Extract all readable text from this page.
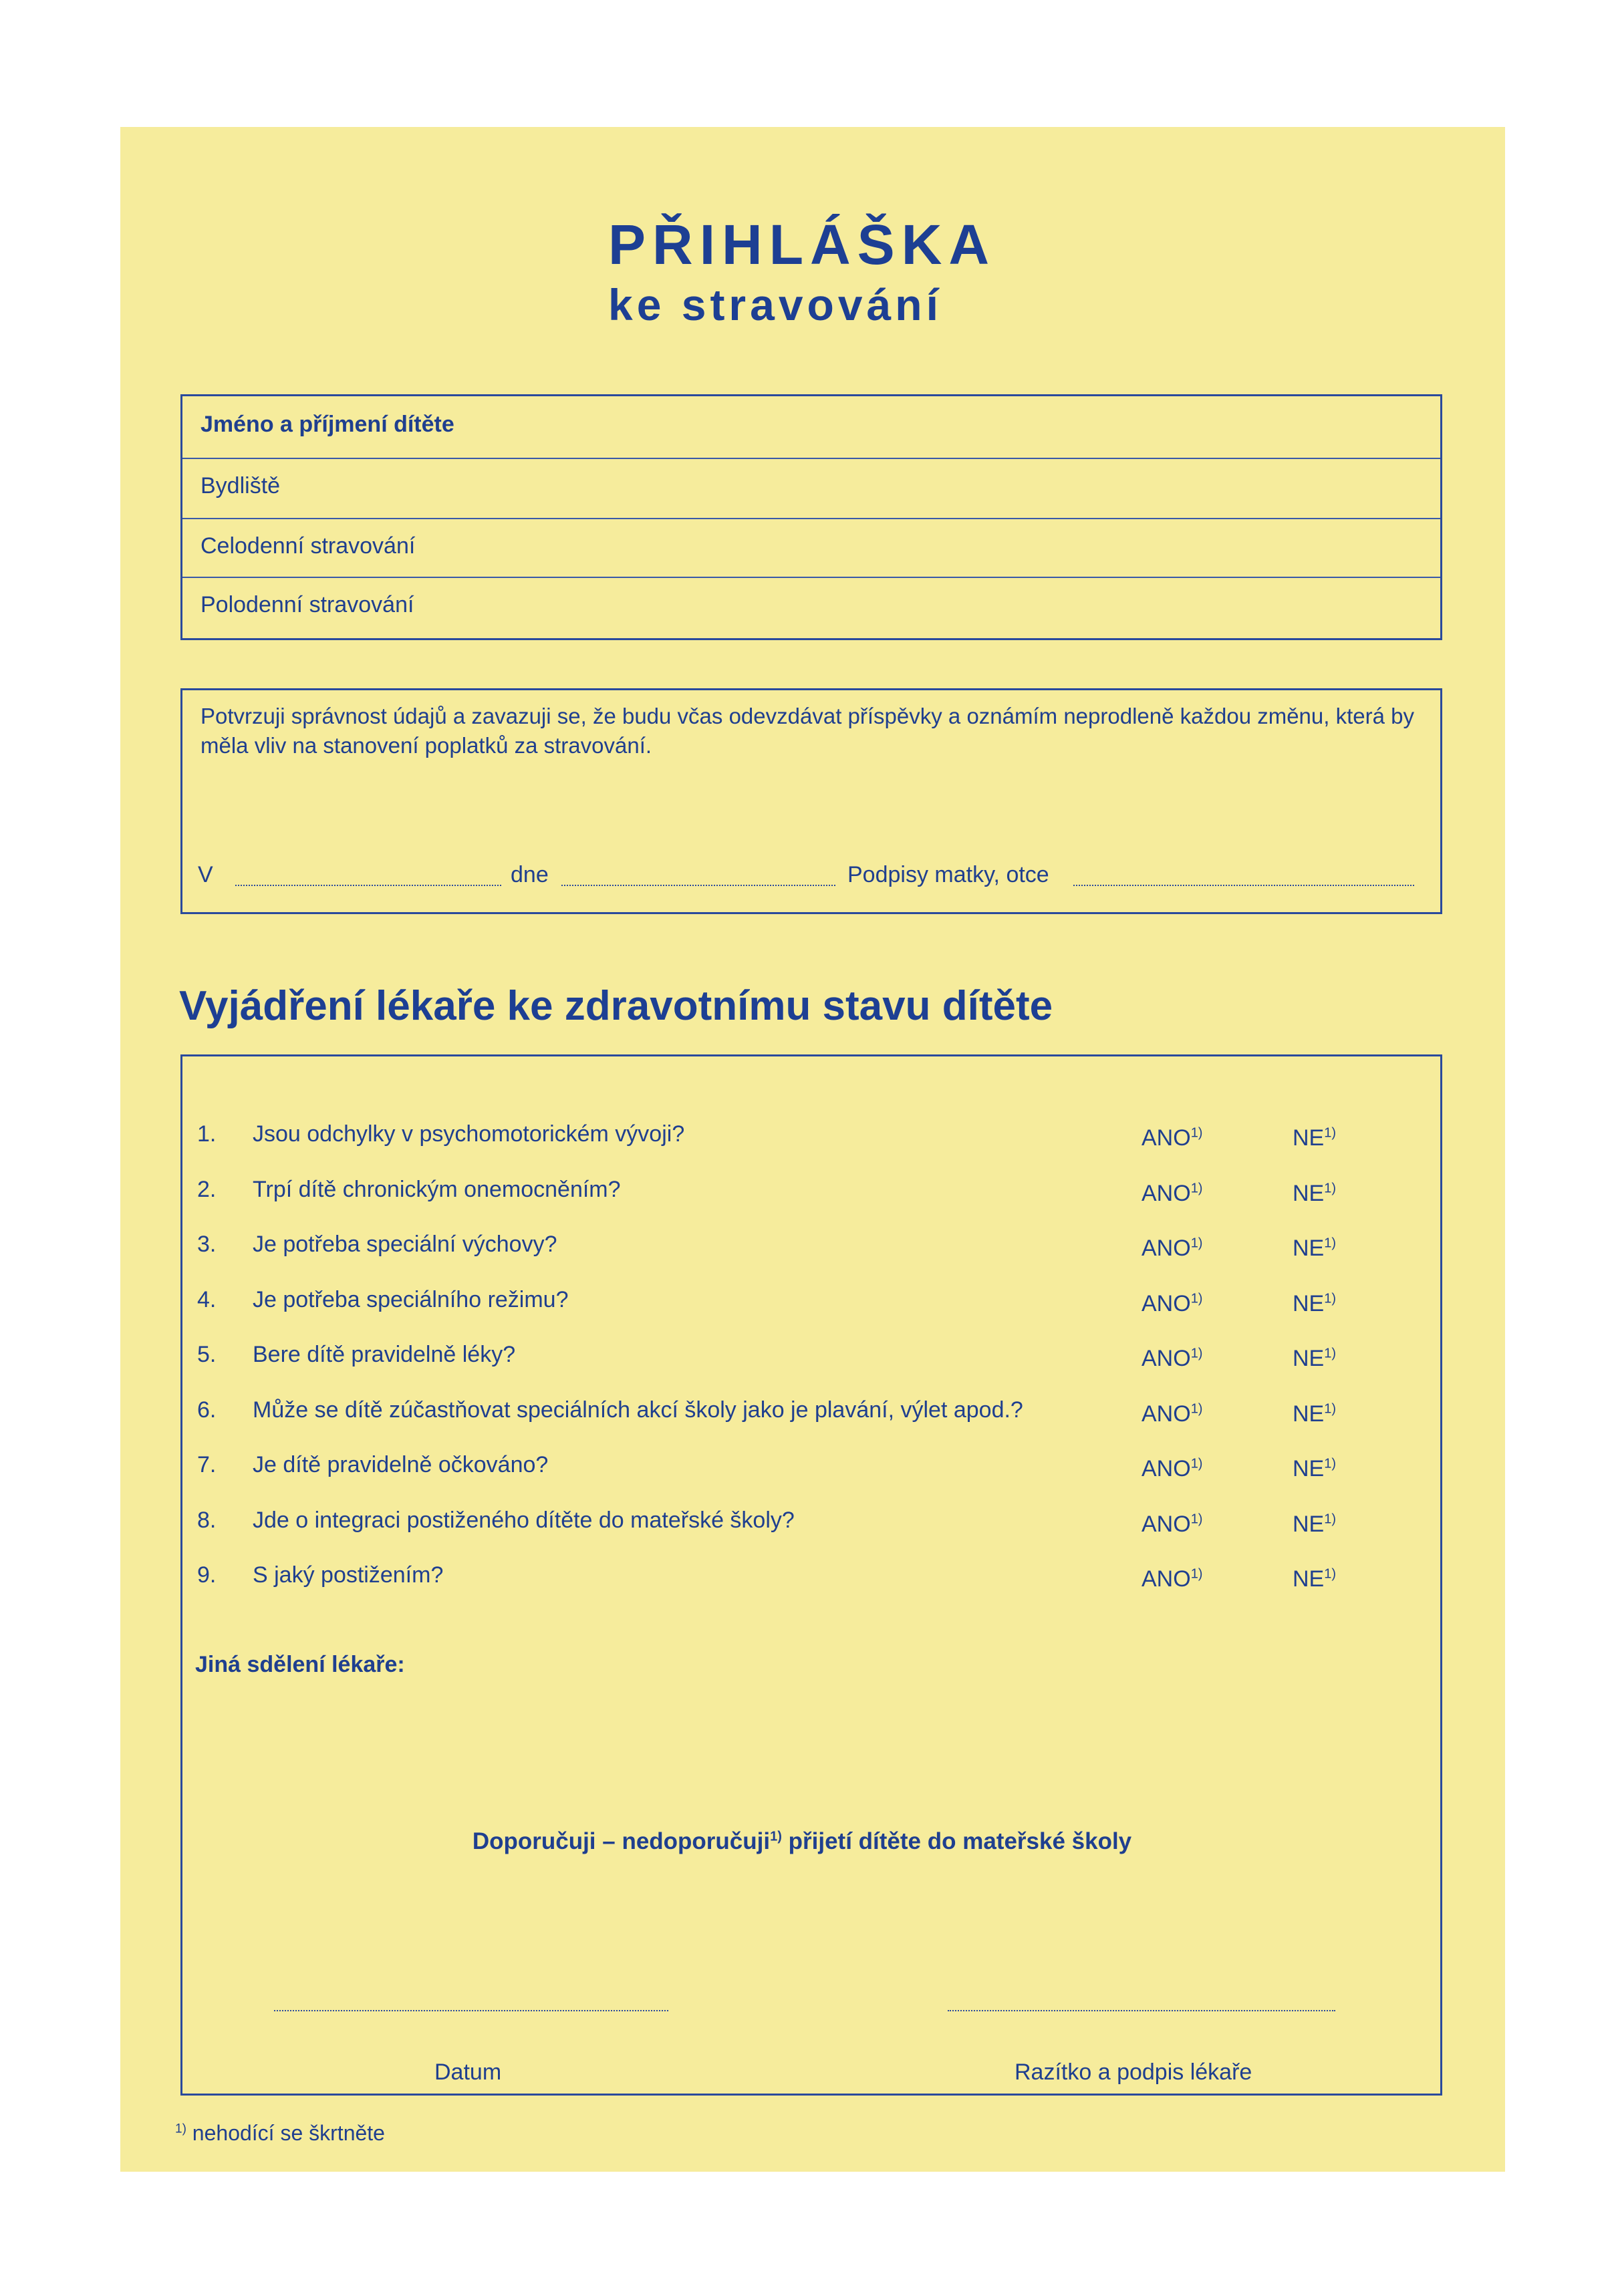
PŘIHLÁŠKA
ke stravování
Jméno a příjmení dítěte
Bydliště
Celodenní stravování
Polodenní stravování
Potvrzuji správnost údajů a zavazuji se, že budu včas odevzdávat příspěvky a oznámím neprodleně každou změnu, která by měla vliv na stanovení poplatků za stravování.
V	dne	Podpisy matky, otce
Vyjádření lékaře ke zdravotnímu stavu dítěte
1. Jsou odchylky v psychomotorickém vývoji?	ANO$^{1)}$	NE$^{1)}$
2. Trpí dítě chronickým onemocněním?	ANO$^{1)}$	NE$^{1)}$
3. Je potřeba speciální výchovy?	ANO$^{1)}$	NE$^{1)}$
4. Je potřeba speciálního režimu?	ANO$^{1)}$	NE$^{1)}$
5. Bere dítě pravidelně léky?	ANO$^{1)}$	NE$^{1)}$
6. Může se dítě zúčastňovat speciálních akcí školy jako je plavání, výlet apod.?	ANO$^{1)}$	NE$^{1)}$
7. Je dítě pravidelně očkováno?	ANO$^{1)}$	NE$^{1)}$
8. Jde o integraci postiženého dítěte do mateřské školy?	ANO$^{1)}$	NE$^{1)}$
9. S jaký postižením?	ANO$^{1)}$	NE$^{1)}$
Jiná sdělení lékaře:
Doporučuji – nedoporučuji$^{1)}$ přijetí dítěte do mateřské školy
Datum	Razítko a podpis lékaře
$^{1)}$ nehodící se škrtněte
